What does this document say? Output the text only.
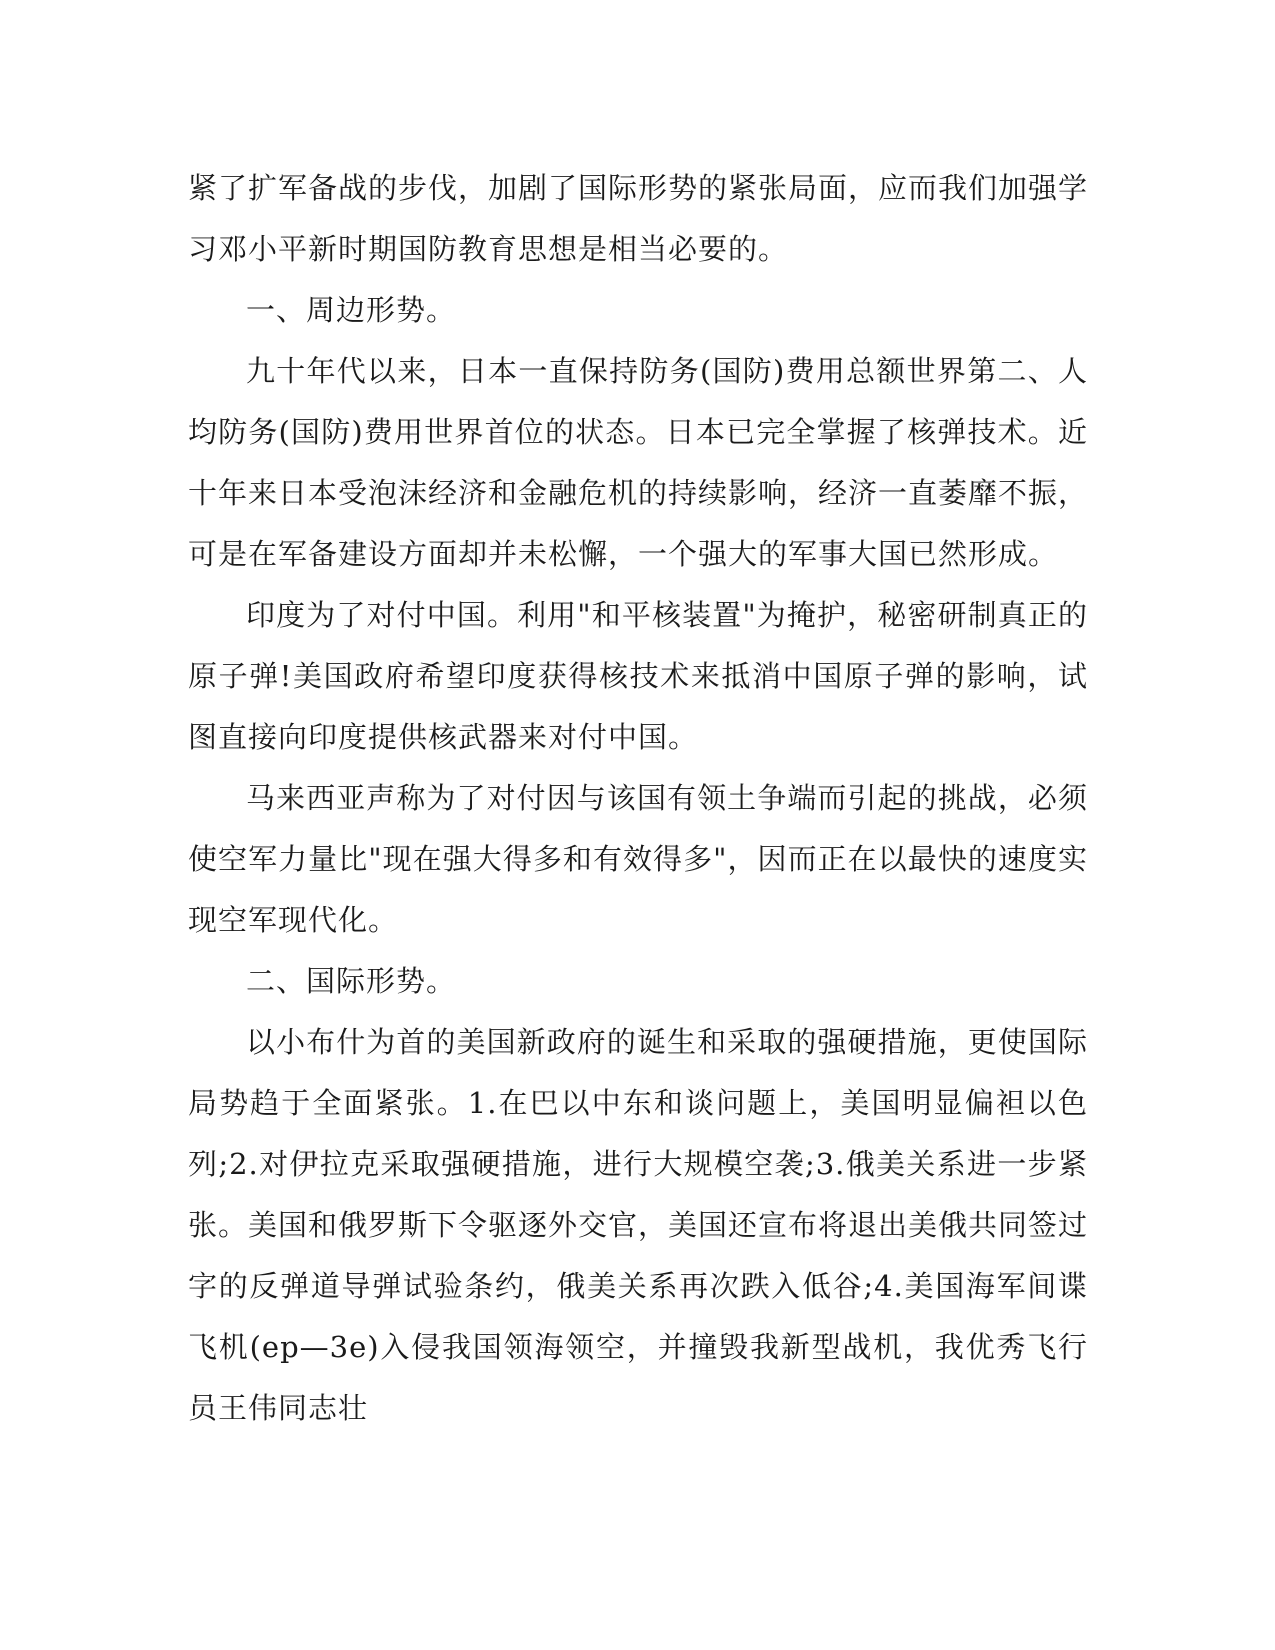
紧了扩军备战的步伐，加剧了国际形势的紧张局面，应而我们加强学习邓小平新时期国防教育思想是相当必要的。

一、周边形势。

九十年代以来，日本一直保持防务(国防)费用总额世界第二、人均防务(国防)费用世界首位的状态。日本已完全掌握了核弹技术。近十年来日本受泡沫经济和金融危机的持续影响，经济一直萎靡不振，可是在军备建设方面却并未松懈，一个强大的军事大国已然形成。

印度为了对付中国。利用"和平核装置"为掩护，秘密研制真正的原子弹!美国政府希望印度获得核技术来抵消中国原子弹的影响，试图直接向印度提供核武器来对付中国。

马来西亚声称为了对付因与该国有领土争端而引起的挑战，必须使空军力量比"现在强大得多和有效得多"，因而正在以最快的速度实现空军现代化。

二、国际形势。

以小布什为首的美国新政府的诞生和采取的强硬措施，更使国际局势趋于全面紧张。1.在巴以中东和谈问题上，美国明显偏袒以色列;2.对伊拉克采取强硬措施，进行大规模空袭;3.俄美关系进一步紧张。美国和俄罗斯下令驱逐外交官，美国还宣布将退出美俄共同签过字的反弹道导弹试验条约，俄美关系再次跌入低谷;4.美国海军间谍飞机(ep—3e)入侵我国领海领空，并撞毁我新型战机，我优秀飞行员王伟同志壮
